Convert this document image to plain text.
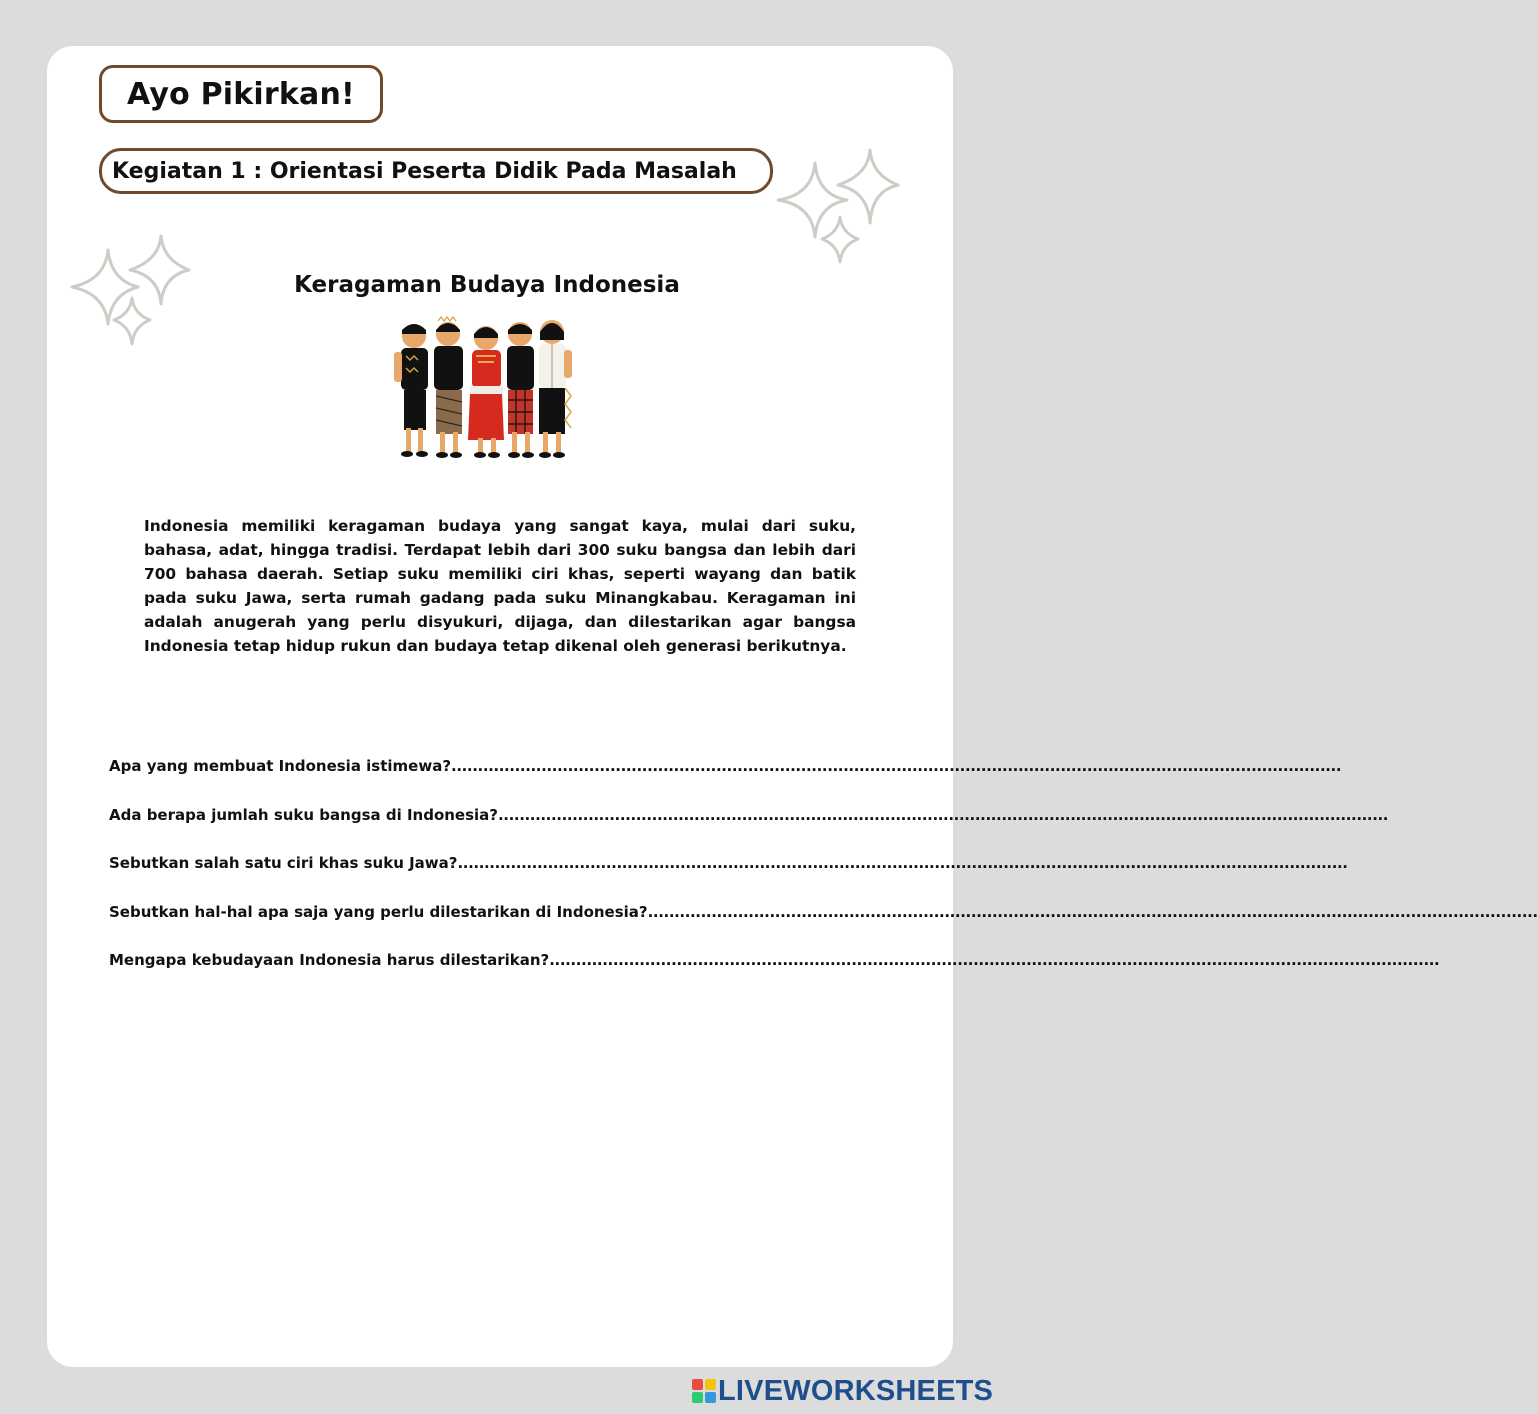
Ayo Pikirkan!
Kegiatan 1 : Orientasi Peserta Didik Pada Masalah
Keragaman Budaya Indonesia

Indonesia memiliki keragaman budaya yang sangat kaya, mulai dari suku, bahasa, adat, hingga tradisi. Terdapat lebih dari 300 suku bangsa dan lebih dari 700 bahasa daerah. Setiap suku memiliki ciri khas, seperti wayang dan batik pada suku Jawa, serta rumah gadang pada suku Minangkabau. Keragaman ini adalah anugerah yang perlu disyukuri, dijaga, dan dilestarikan agar bangsa Indonesia tetap hidup rukun dan budaya tetap dikenal oleh generasi berikutnya.

Apa yang membuat Indonesia istimewa? ........................................................................................................................................................................
Ada berapa jumlah suku bangsa di Indonesia? ........................................................................................................................................................................
Sebutkan salah satu ciri khas suku Jawa? ........................................................................................................................................................................
Sebutkan hal-hal apa saja yang perlu dilestarikan di Indonesia? ........................................................................................................................................................................
Mengapa kebudayaan Indonesia harus dilestarikan? ........................................................................................................................................................................
LIVEWORKSHEETS
